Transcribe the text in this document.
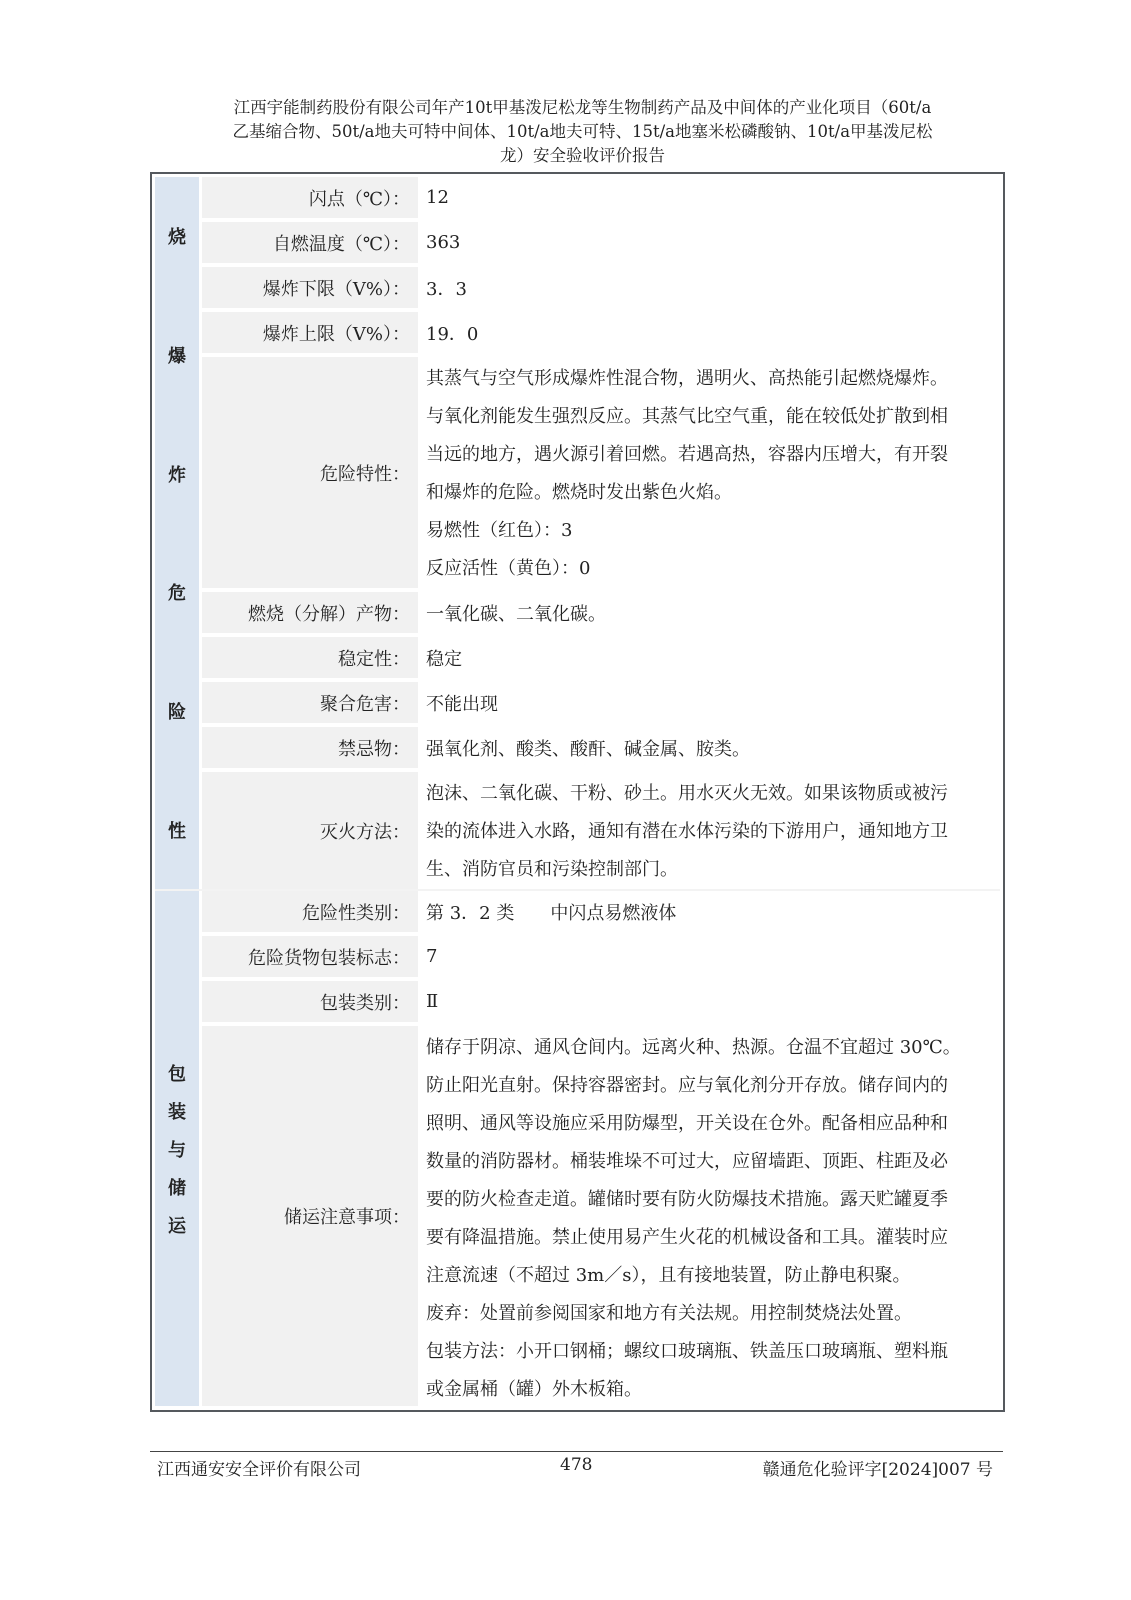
江西宇能制药股份有限公司年产10t甲基泼尼松龙等生物制药产品及中间体的产业化项目（60t/a
乙基缩合物、50t/a地夫可特中间体、10t/a地夫可特、15t/a地塞米松磷酸钠、10t/a甲基泼尼松
龙）安全验收评价报告
烧
爆
炸
危
险
性
闪点（℃）： 12
自燃温度（℃）： 363
爆炸下限（V%）： 3．3
爆炸上限（V%）： 19．0
危险特性：
其蒸气与空气形成爆炸性混合物，遇明火、高热能引起燃烧爆炸。
与氧化剂能发生强烈反应。其蒸气比空气重，能在较低处扩散到相
当远的地方，遇火源引着回燃。若遇高热，容器内压增大，有开裂
和爆炸的危险。燃烧时发出紫色火焰。
易燃性（红色）：3
反应活性（黄色）：0
燃烧（分解）产物： 一氧化碳、二氧化碳。
稳定性： 稳定
聚合危害： 不能出现
禁忌物： 强氧化剂、酸类、酸酐、碱金属、胺类。
灭火方法：
泡沫、二氧化碳、干粉、砂土。用水灭火无效。如果该物质或被污
染的流体进入水路，通知有潜在水体污染的下游用户，通知地方卫
生、消防官员和污染控制部门。
包
装
与
储
运
危险性类别： 第 3．2 类　　中闪点易燃液体
危险货物包装标志： 7
包装类别： Ⅱ
储运注意事项：
储存于阴凉、通风仓间内。远离火种、热源。仓温不宜超过 30℃。
防止阳光直射。保持容器密封。应与氧化剂分开存放。储存间内的
照明、通风等设施应采用防爆型，开关设在仓外。配备相应品种和
数量的消防器材。桶装堆垛不可过大，应留墙距、顶距、柱距及必
要的防火检查走道。罐储时要有防火防爆技术措施。露天贮罐夏季
要有降温措施。禁止使用易产生火花的机械设备和工具。灌装时应
注意流速（不超过 3m／s），且有接地装置，防止静电积聚。
废弃：处置前参阅国家和地方有关法规。用控制焚烧法处置。
包装方法：小开口钢桶；螺纹口玻璃瓶、铁盖压口玻璃瓶、塑料瓶
或金属桶（罐）外木板箱。
江西通安安全评价有限公司	478	赣通危化验评字[2024]007 号
